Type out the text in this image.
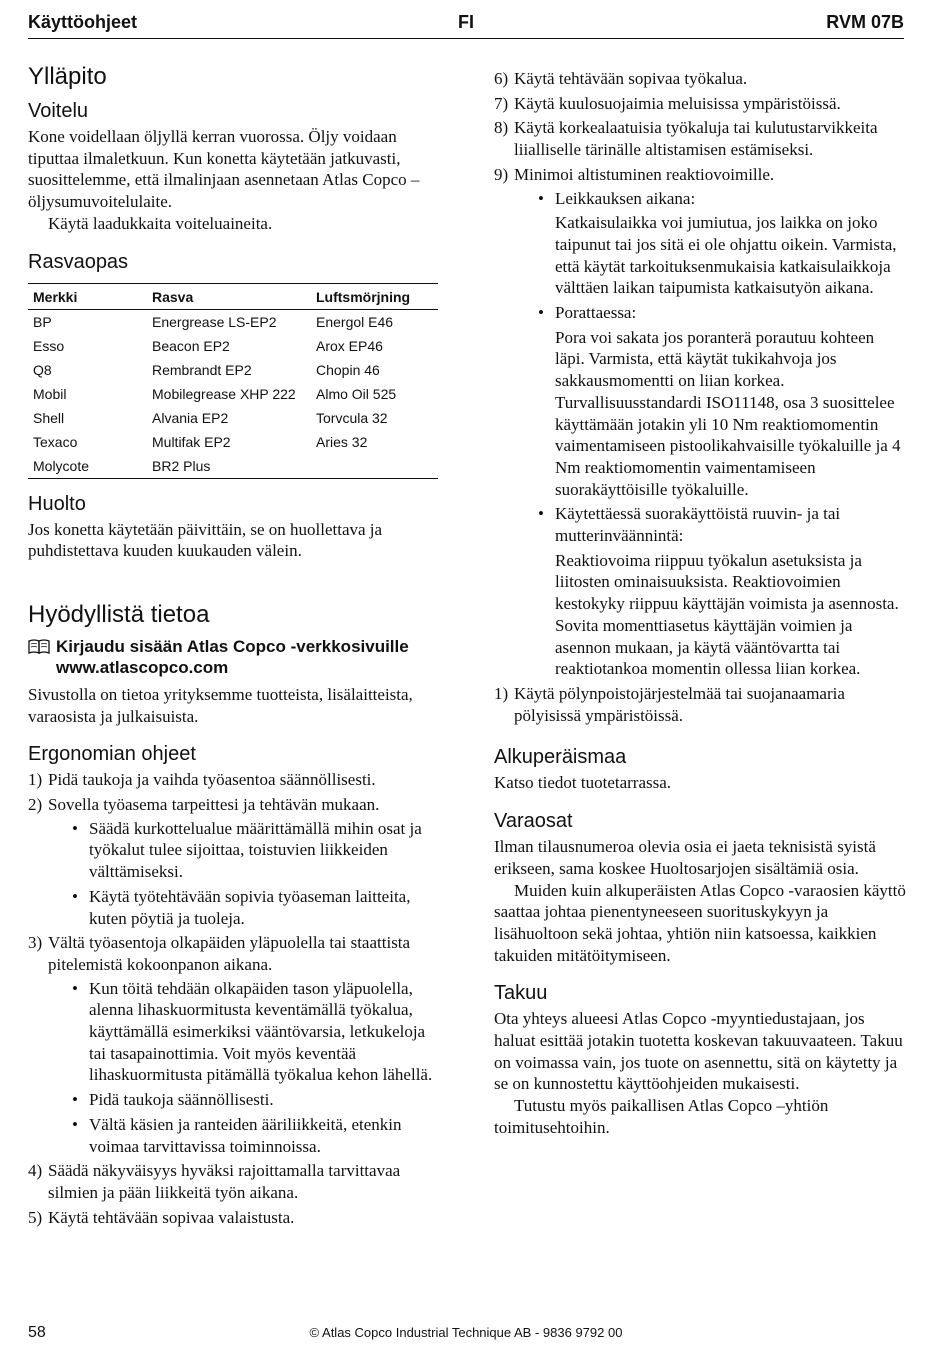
Käyttöohjeet	FI	RVM 07B
Ylläpito
Voitelu

Kone voidellaan öljyllä kerran vuorossa. Öljy voidaan tiputtaa ilmaletkuun. Kun konetta käytetään jatkuvasti, suosittelemme, että ilmalinjaan asennetaan Atlas Copco – öljysumuvoitelulaite.

Käytä laadukkaita voiteluaineita.

Rasvaopas
Merkki	Rasva	Luftsmörjning
BP	Energrease LS-EP2	Energol E46
Esso	Beacon EP2	Arox EP46
Q8	Rembrandt EP2	Chopin 46
Mobil	Mobilegrease XHP 222	Almo Oil 525
Shell	Alvania EP2	Torvcula 32
Texaco	Multifak EP2	Aries 32
Molycote	BR2 Plus	
Huolto

Jos konetta käytetään päivittäin, se on huollettava ja puhdistettava kuuden kuukauden välein.

Hyödyllistä tietoa
Kirjaudu sisään Atlas Copco -verkkosivuille www.atlascopco.com

Sivustolla on tietoa yrityksemme tuotteista, lisälaitteista, varaosista ja julkaisuista.

Ergonomian ohjeet
1) Pidä taukoja ja vaihda työasentoa säännöllisesti.
2) Sovella työasema tarpeittesi ja tehtävän mukaan.
• Säädä kurkottelualue määrittämällä mihin osat ja työkalut tulee sijoittaa, toistuvien liikkeiden välttämiseksi.
• Käytä työtehtävään sopivia työaseman laitteita, kuten pöytiä ja tuoleja.
3) Vältä työasentoja olkapäiden yläpuolella tai staattista pitelemistä kokoonpanon aikana.
• Kun töitä tehdään olkapäiden tason yläpuolella, alenna lihaskuormitusta keventämällä työkalua, käyttämällä esimerkiksi vääntövarsia, letkukeloja tai tasapainottimia. Voit myös keventää lihaskuormitusta pitämällä työkalua kehon lähellä.
• Pidä taukoja säännöllisesti.
• Vältä käsien ja ranteiden ääriliikkeitä, etenkin voimaa tarvittavissa toiminnoissa.
4) Säädä näkyväisyys hyväksi rajoittamalla tarvittavaa silmien ja pään liikkeitä työn aikana.
5) Käytä tehtävään sopivaa valaistusta.
6) Käytä tehtävään sopivaa työkalua.
7) Käytä kuulosuojaimia meluisissa ympäristöissä.
8) Käytä korkealaatuisia työkaluja tai kulutustarvikkeita liialliselle tärinälle altistamisen estämiseksi.
9) Minimoi altistuminen reaktiovoimille.
• Leikkauksen aikana:
Katkaisulaikka voi jumiutua, jos laikka on joko taipunut tai jos sitä ei ole ohjattu oikein. Varmista, että käytät tarkoituksenmukaisia katkaisulaikkoja välttäen laikan taipumista katkaisutyön aikana.
• Porattaessa:
Pora voi sakata jos poranterä porautuu kohteen läpi. Varmista, että käytät tukikahvoja jos sakkausmomentti on liian korkea. Turvallisuusstandardi ISO11148, osa 3 suosittelee käyttämään jotakin yli 10 Nm reaktiomomentin vaimentamiseen pistoolikahvaisille työkaluille ja 4 Nm reaktiomomentin vaimentamiseen suorakäyttöisille työkaluille.
• Käytettäessä suorakäyttöistä ruuvin- ja tai mutterinväännintä:
Reaktiovoima riippuu työkalun asetuksista ja liitosten ominaisuuksista. Reaktiovoimien kestokyky riippuu käyttäjän voimista ja asennosta. Sovita momenttiasetus käyttäjän voimien ja asennon mukaan, ja käytä vääntövartta tai reaktiotankoa momentin ollessa liian korkea.
1) Käytä pölynpoistojärjestelmää tai suojanaamaria pölyisissä ympäristöissä.
Alkuperäismaa

Katso tiedot tuotetarrassa.

Varaosat

Ilman tilausnumeroa olevia osia ei jaeta teknisistä syistä erikseen, sama koskee Huoltosarjojen sisältämiä osia.

Muiden kuin alkuperäisten Atlas Copco -varaosien käyttö saattaa johtaa pienentyneeseen suorituskykyyn ja lisähuoltoon sekä johtaa, yhtiön niin katsoessa, kaikkien takuiden mitätöitymiseen.

Takuu

Ota yhteys alueesi Atlas Copco -myyntiedustajaan, jos haluat esittää jotakin tuotetta koskevan takuuvaateen. Takuu on voimassa vain, jos tuote on asennettu, sitä on käytetty ja se on kunnostettu käyttöohjeiden mukaisesti.

Tutustu myös paikallisen Atlas Copco –yhtiön toimitusehtoihin.

58	© Atlas Copco Industrial Technique AB - 9836 9792 00
